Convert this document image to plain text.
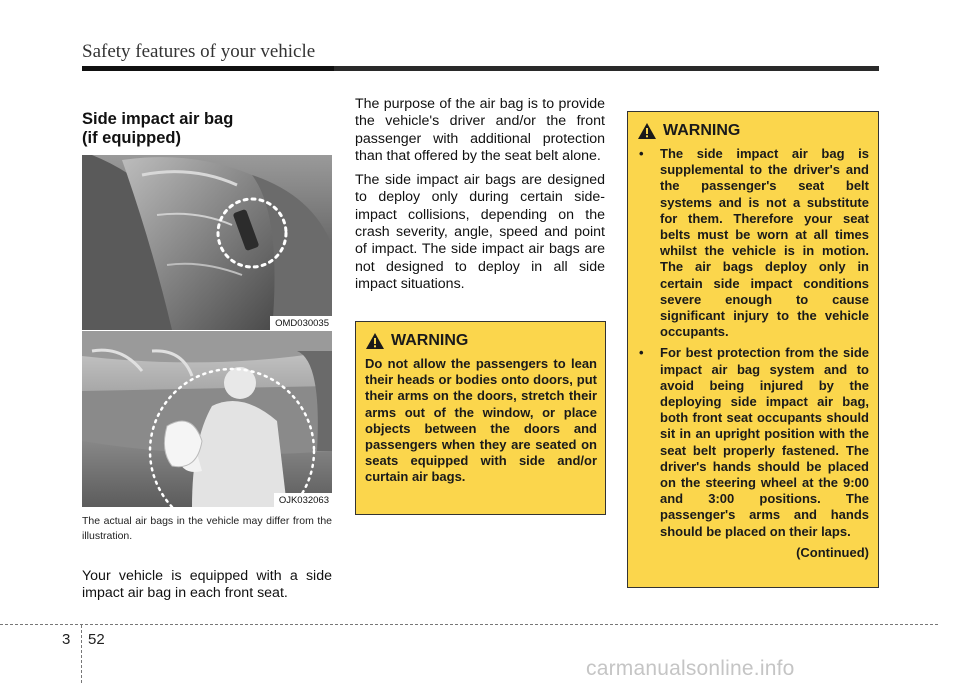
Safety features of your vehicle
Side impact air bag
(if equipped)
OMD030035
OJK032063
The actual air bags in the vehicle may differ from the illustration.
Your vehicle is equipped with a side impact air bag in each front seat.

The purpose of the air bag is to provide the vehicle's driver and/or the front passenger with additional protection than that offered by the seat belt alone.

The side impact air bags are designed to deploy only during certain side-impact collisions, depending on the crash severity, angle, speed and point of impact. The side impact air bags are not designed to deploy in all side impact situations.

WARNING
Do not allow the passengers to lean their heads or bodies onto doors, put their arms on the doors, stretch their arms out of the window, or place objects between the doors and passengers when they are seated on seats equipped with side and/or curtain air bags.
WARNING
• The side impact air bag is supplemental to the driver's and the passenger's seat belt systems and is not a substitute for them. Therefore your seat belts must be worn at all times whilst the vehicle is in motion. The air bags deploy only in certain side impact conditions severe enough to cause significant injury to the vehicle occupants.
• For best protection from the side impact air bag system and to avoid being injured by the deploying side impact air bag, both front seat occupants should sit in an upright position with the seat belt properly fastened. The driver's hands should be placed on the steering wheel at the 9:00 and 3:00 positions. The passenger's arms and hands should be placed on their laps.
(Continued)
3 52
carmanualsonline.info
